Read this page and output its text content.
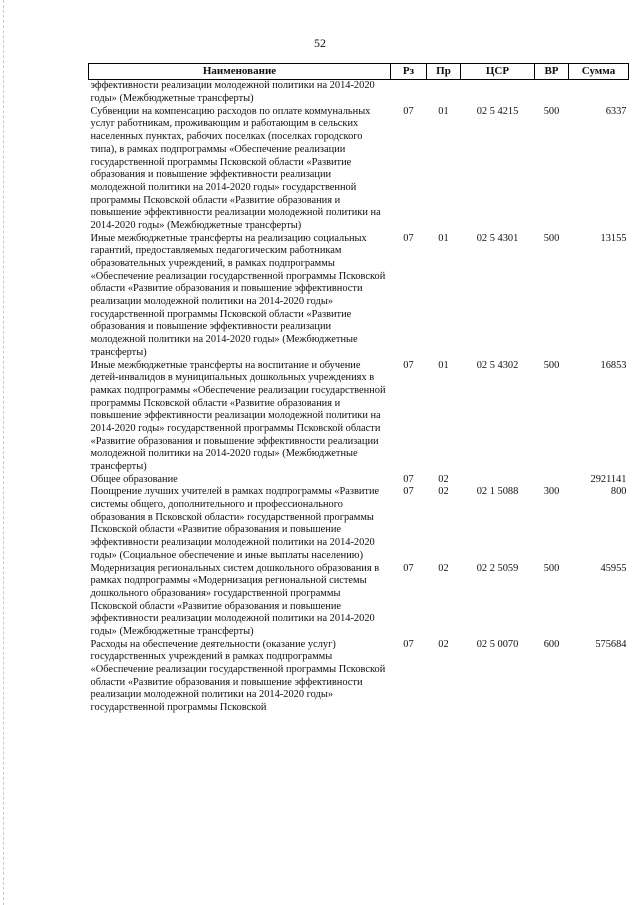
52
Наименование	Рз	Пр	ЦСР	ВР	Сумма
эффективности реализации молодежной политики на 2014-2020 годы» (Межбюджетные трансферты)					
Субвенции на компенсацию расходов по оплате коммунальных услуг работникам, проживающим и работающим в сельских населенных пунктах, рабочих поселках (поселках городского типа), в рамках подпрограммы «Обеспечение реализации государственной программы Псковской области «Развитие образования и повышение эффективности реализации молодежной политики на 2014-2020 годы» государственной программы Псковской области «Развитие образования и повышение эффективности реализации молодежной политики на 2014-2020 годы» (Межбюджетные трансферты)	07	01	02 5 4215	500	6337
Иные межбюджетные трансферты на реализацию социальных гарантий, предоставляемых педагогическим работникам образовательных учреждений, в рамках подпрограммы «Обеспечение реализации государственной программы Псковской области «Развитие образования и повышение эффективности реализации молодежной политики на 2014-2020 годы» государственной программы Псковской области «Развитие образования и повышение эффективности реализации молодежной политики на 2014-2020 годы» (Межбюджетные трансферты)	07	01	02 5 4301	500	13155
Иные межбюджетные трансферты на воспитание и обучение детей-инвалидов в муниципальных дошкольных учреждениях в рамках подпрограммы «Обеспечение реализации государственной программы Псковской области «Развитие образования и повышение эффективности реализации молодежной политики на 2014-2020 годы» государственной программы Псковской области «Развитие образования и повышение эффективности реализации молодежной политики на 2014-2020 годы» (Межбюджетные трансферты)	07	01	02 5 4302	500	16853
Общее образование	07	02			2921141
Поощрение лучших учителей в рамках подпрограммы «Развитие системы общего, дополнительного и профессионального образования в Псковской области» государственной программы Псковской области «Развитие образования и повышение эффективности реализации молодежной политики на 2014-2020 годы» (Социальное обеспечение и иные выплаты населению)	07	02	02 1 5088	300	800
Модернизация региональных систем дошкольного образования в рамках подпрограммы «Модернизация региональной системы дошкольного образования» государственной программы Псковской области «Развитие образования и повышение эффективности реализации молодежной политики на 2014-2020 годы» (Межбюджетные трансферты)	07	02	02 2 5059	500	45955
Расходы на обеспечение деятельности (оказание услуг) государственных учреждений в рамках подпрограммы «Обеспечение реализации государственной программы Псковской области «Развитие образования и повышение эффективности реализации молодежной политики на 2014-2020 годы» государственной программы Псковской	07	02	02 5 0070	600	575684
